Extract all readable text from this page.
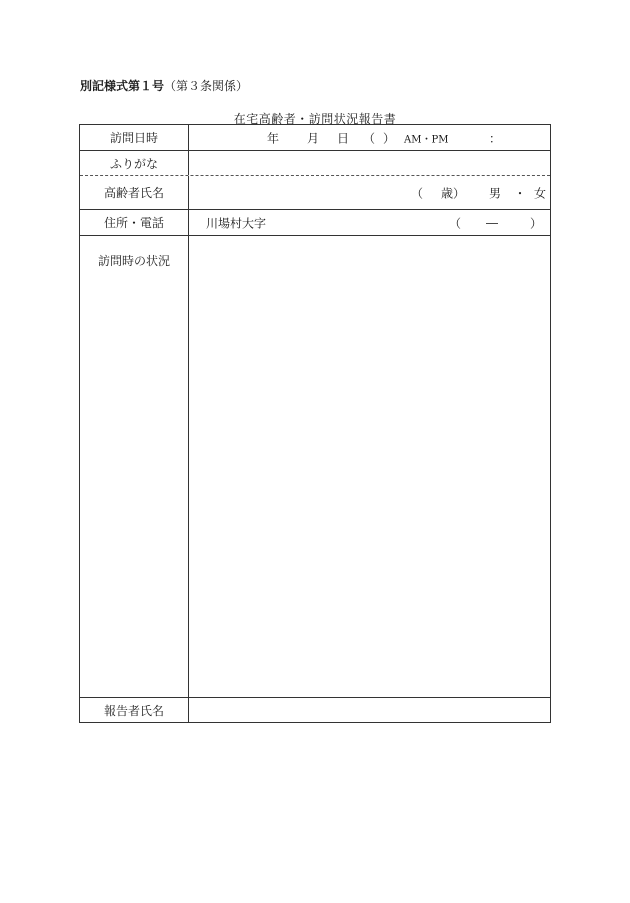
別記様式第１号（第３条関係）
在宅高齢者・訪問状況報告書
訪問日時	年 月 日 （ ） AM・PM	：
ふりがな
高齢者氏名	（ 歳） 男 ・ 女
住所・電話	川場村大字	（ ―	）
訪問時の状況
報告者氏名
